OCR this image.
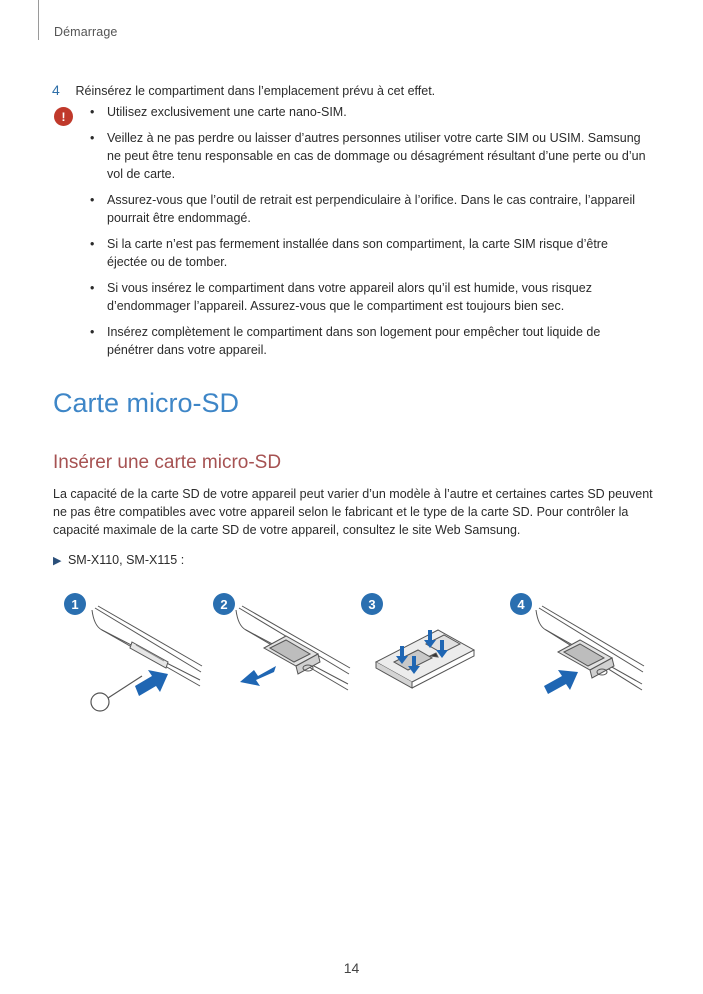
Démarrage
4 Réinsérez le compartiment dans l’emplacement prévu à cet effet.
!
•	Utilisez exclusivement une carte nano-SIM.
• Veillez à ne pas perdre ou laisser d’autres personnes utiliser votre carte SIM ou USIM. Samsung ne peut être tenu responsable en cas de dommage ou désagrément résultant d’une perte ou d’un vol de carte.
• Assurez-vous que l’outil de retrait est perpendiculaire à l’orifice. Dans le cas contraire, l’appareil pourrait être endommagé.
• Si la carte n’est pas fermement installée dans son compartiment, la carte SIM risque d’être éjectée ou de tomber.
• Si vous insérez le compartiment dans votre appareil alors qu’il est humide, vous risquez d’endommager l’appareil. Assurez-vous que le compartiment est toujours bien sec.
• Insérez complètement le compartiment dans son logement pour empêcher tout liquide de pénétrer dans votre appareil.
Carte micro-SD
Insérer une carte micro-SD

La capacité de la carte SD de votre appareil peut varier d’un modèle à l’autre et certaines cartes SD peuvent ne pas être compatibles avec votre appareil selon le fabricant et le type de la carte SD. Pour contrôler la capacité maximale de la carte SD de votre appareil, consultez le site Web Samsung.

▶ SM-X110, SM-X115 :
1	2	3	4
14
